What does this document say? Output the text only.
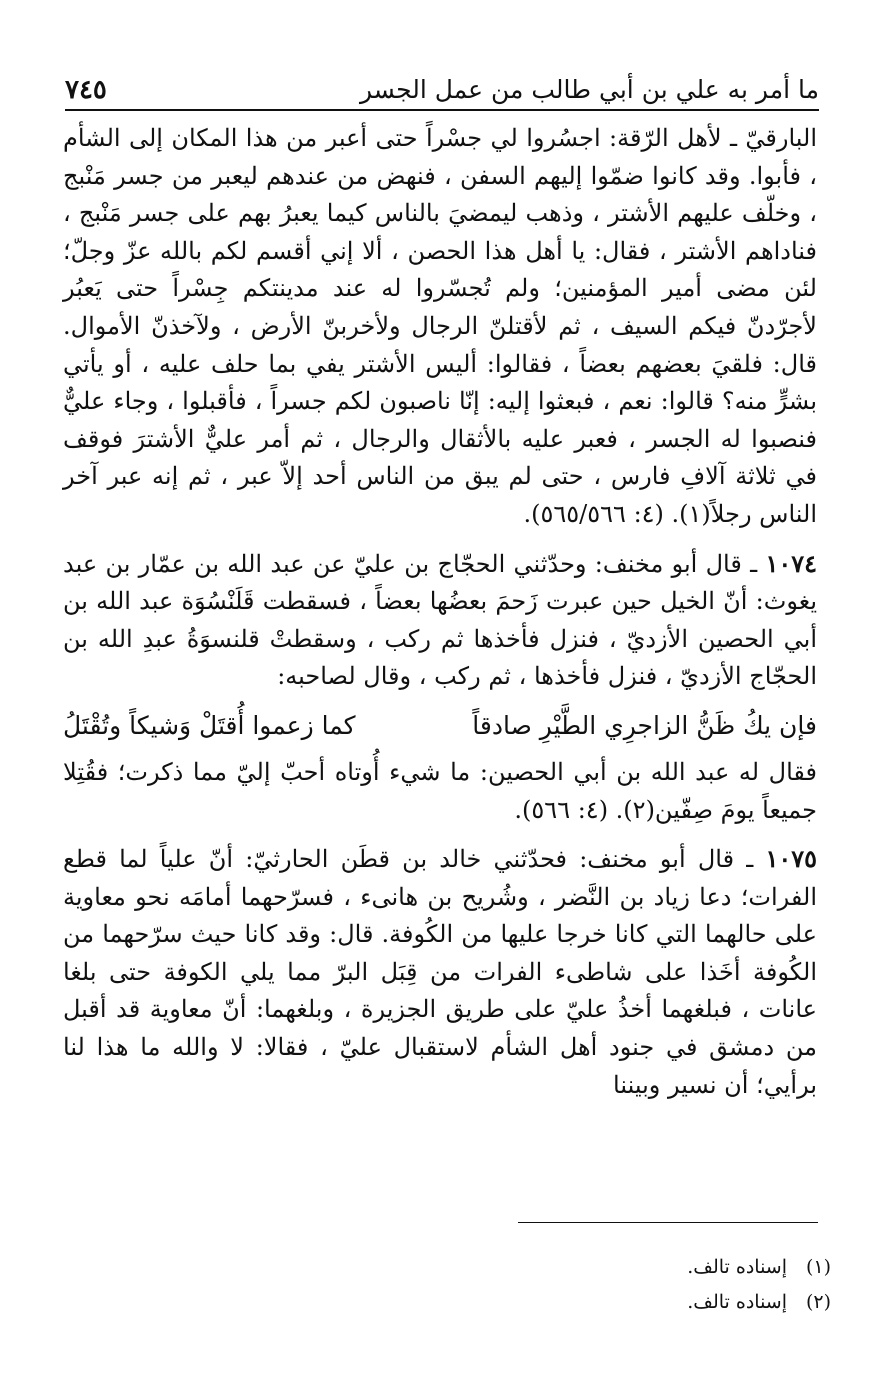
ما أمر به علي بن أبي طالب من عمل الجسر
٧٤٥

البارقيّ ـ لأهل الرّقة: اجسُروا لي جسْراً حتى أعبر من هذا المكان إلى الشأم ، فأبوا. وقد كانوا ضمّوا إليهم السفن ، فنهض من عندهم ليعبر من جسر مَنْبج ، وخلّف عليهم الأشتر ، وذهب ليمضيَ بالناس كيما يعبرُ بهم على جسر مَنْبج ، فناداهم الأشتر ، فقال: يا أهل هذا الحصن ، ألا إني أقسم لكم بالله عزّ وجلّ؛ لئن مضى أمير المؤمنين؛ ولم تُجسّروا له عند مدينتكم جِسْراً حتى يَعبُر لأجرّدنّ فيكم السيف ، ثم لأقتلنّ الرجال ولأخربنّ الأرض ، ولآخذنّ الأموال. قال: فلقيَ بعضهم بعضاً ، فقالوا: أليس الأشتر يفي بما حلف عليه ، أو يأتي بشرٍّ منه؟ قالوا: نعم ، فبعثوا إليه: إنّا ناصبون لكم جسراً ، فأقبلوا ، وجاء عليٌّ فنصبوا له الجسر ، فعبر عليه بالأثقال والرجال ، ثم أمر عليٌّ الأشترَ فوقف في ثلاثة آلافِ فارس ، حتى لم يبق من الناس أحد إلاّ عبر ، ثم إنه عبر آخر الناس رجلاً(١). (٤: ٥٦٥/٥٦٦).

١٠٧٤ ـ قال أبو مخنف: وحدّثني الحجّاج بن عليّ عن عبد الله بن عمّار بن عبد يغوث: أنّ الخيل حين عبرت زَحمَ بعضُها بعضاً ، فسقطت قَلَنْسُوَة عبد الله بن أبي الحصين الأزديّ ، فنزل فأخذها ثم ركب ، وسقطتْ قلنسوَةُ عبدِ الله بن الحجّاج الأزديّ ، فنزل فأخذها ، ثم ركب ، وقال لصاحبه:

فإن يكُ ظَنُّ الزاجرِي الطَّيْرِ صادقاً
كما زعموا أُقتَلْ وَشيكاً وتُقْتَلُ

فقال له عبد الله بن أبي الحصين: ما شيء أُوتاه أحبّ إليّ مما ذكرت؛ فقُتِلا جميعاً يومَ صِفّين(٢). (٤: ٥٦٦).

١٠٧٥ ـ قال أبو مخنف: فحدّثني خالد بن قطَن الحارثيّ: أنّ علياً لما قطع الفرات؛ دعا زياد بن النَّضر ، وشُريح بن هانىء ، فسرّحهما أمامَه نحو معاوية على حالهما التي كانا خرجا عليها من الكُوفة. قال: وقد كانا حيث سرّحهما من الكُوفة أخَذا على شاطىء الفرات من قِبَل البرّ مما يلي الكوفة حتى بلغا عانات ، فبلغهما أخذُ عليّ على طريق الجزيرة ، وبلغهما: أنّ معاوية قد أقبل من دمشق في جنود أهل الشأم لاستقبال عليّ ، فقالا: لا والله ما هذا لنا برأيي؛ أن نسير وبيننا

(١)
إسناده تالف.
(٢)
إسناده تالف.
